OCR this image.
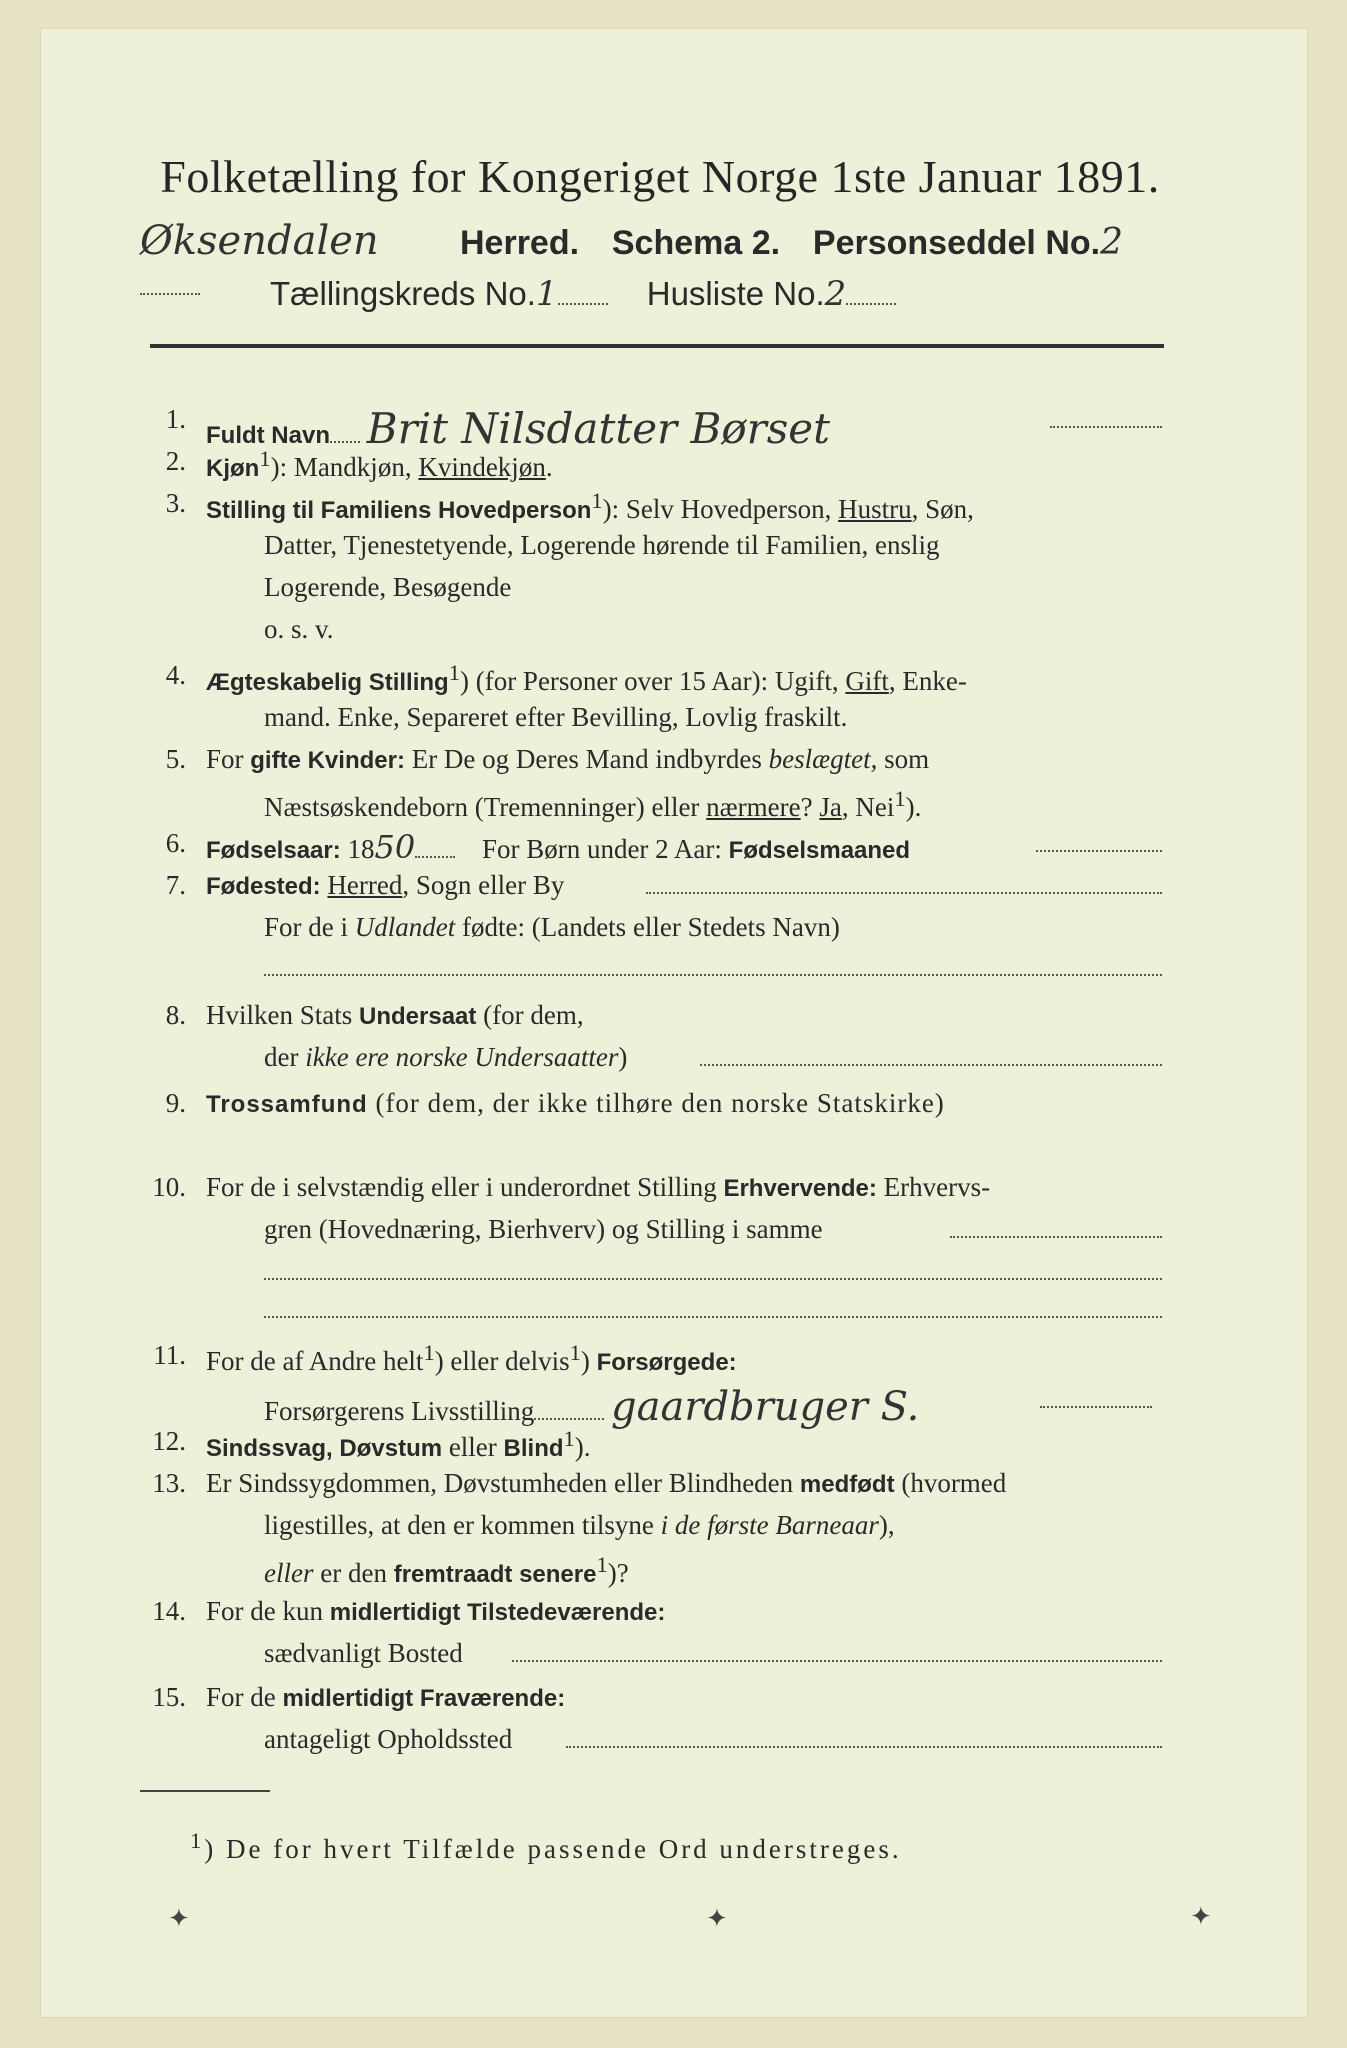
Folketælling for Kongeriget Norge 1ste Januar 1891.
Øksendalen Herred. Schema 2. Personseddel No.2
Tællingskreds No.1	Husliste No.2
1.
Fuldt Navn Brit Nilsdatter Børset
2. Kjøn$^1$): Mandkjøn, Kvindekjøn.
3. Stilling til Familiens Hovedperson$^1$): Selv Hovedperson, Hustru, Søn,
Datter, Tjenestetyende, Logerende hørende til Familien, enslig
Logerende, Besøgende
o. s. v.
4. Ægteskabelig Stilling$^1$) (for Personer over 15 Aar): Ugift, Gift, Enke-
mand. Enke, Separeret efter Bevilling, Lovlig fraskilt.
5. For gifte Kvinder: Er De og Deres Mand indbyrdes beslægtet, som
Næstsøskendeborn (Tremenninger) eller nærmere? Ja, Nei$^1$).
6. Fødselsaar: 1850 For Børn under 2 Aar: Fødselsmaaned
7. Fødested: Herred, Sogn eller By
For de i Udlandet fødte: (Landets eller Stedets Navn)
8. Hvilken Stats Undersaat (for dem,
der ikke ere norske Undersaatter)
9. Trossamfund (for dem, der ikke tilhøre den norske Statskirke)
10. For de i selvstændig eller i underordnet Stilling Erhvervende: Erhvervs-
gren (Hovednæring, Bierhverv) og Stilling i samme
11. For de af Andre helt$^1$) eller delvis$^1$) Forsørgede:
Forsørgerens Livsstilling gaardbruger S.
12. Sindssvag, Døvstum eller Blind$^1$).
13. Er Sindssygdommen, Døvstumheden eller Blindheden medfødt (hvormed
ligestilles, at den er kommen tilsyne i de første Barneaar),
eller er den fremtraadt senere$^1$)?
14. For de kun midlertidigt Tilstedeværende:
sædvanligt Bosted
15. For de midlertidigt Fraværende:
antageligt Opholdssted
$^1$) De for hvert Tilfælde passende Ord understreges.
✦	✦	✦
